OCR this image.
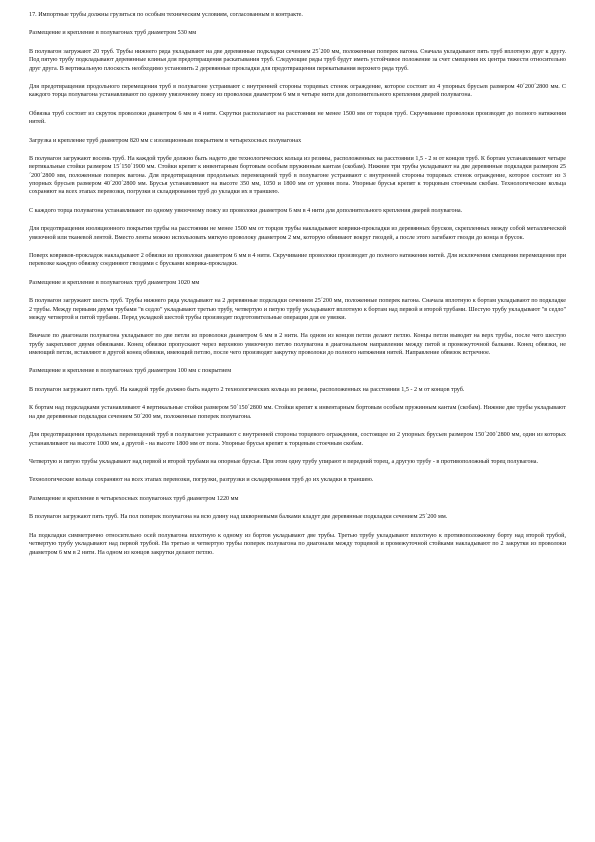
17. Импортные трубы должны грузиться по особым техническим условиям, согласованным в контракте.

Размещение и крепление в полувагонах труб диаметром 530 мм

В полувагон загружают 20 труб. Трубы нижнего ряда укладывают на две деревянные подкладки сечением 25´200 мм, положенные поперек вагона. Сначала укладывают пять труб вплотную друг к другу. Под пятую трубу подкладывают деревянные клинья для предотвращения раскатывания труб. Следующие ряды труб будут иметь устойчивое положение за счет смещения их центра тяжести относительно друг друга. В вертикальную плоскость необходимо установить 2 деревянные прокладки для предотвращения перекатывания верхнего ряда труб.

Для предотвращения продольного перемещения труб в полувагоне устраивают с внутренней стороны торцевых стенок ограждение, которое состоит из 4 упорных брусьев размером 40´200´2800 мм. С каждого торца полувагона устанавливают по одному увязочному поясу из проволоки диаметром 6 мм в четыре нити для дополнительного крепления дверей полувагона.

Обвязка труб состоит из скруток проволоки диаметром 6 мм в 4 нити. Скрутки располагают на расстоянии не менее 1500 мм от торцов труб. Скручивание проволоки производят до полного натяжения нитей.

Загрузка и крепление труб диаметром 820 мм с изоляционным покрытием в четырехосных полувагонах

В полувагон загружают восемь труб. На каждой трубе должно быть надето две технологических кольца из резины, расположенных на расстоянии 1,5 - 2 м от концов труб. К бортам устанавливают четыре вертикальные стойки размером 15´150´1900 мм. Стойки крепят к инвентарным бортовым особым пружинным кантам (скобам). Нижние три трубы укладывают на две деревянные подкладки размером 25´200´2800 мм, положенные поперек вагона. Для предотвращения продольных перемещений труб в полувагоне устраивают с внутренней стороны торцовых стенок ограждение, которое состоит из 3 упорных брусьев размером 40´200´2800 мм. Брусья устанавливают на высоте 350 мм, 1050 и 1800 мм от уровня пола. Упорные брусья крепят к торцовым стоечным скобам. Технологические кольца сохраняют на всех этапах перевозки, погрузки и складирования труб до укладки их в траншею.

С каждого торца полувагона устанавливают по одному увязочному поясу из проволоки диаметром 6 мм в 4 нити для дополнительного крепления дверей полувагона.

Для предотвращения изоляционного покрытия трубы на расстоянии не менее 1500 мм от торцов трубы накладывают коврики-прокладки из деревянных брусков, скрепленных между собой металлической увязочной или тканевой лентой. Вместо ленты можно использовать мягкую проволоку диаметром 2 мм, которую обвивают вокруг гвоздей, а после этого загибают гвозди до конца в брусок.

Поверх ковриков-прокладок накладывают 2 обвязки из проволоки диаметром 6 мм в 4 нити. Скручивание проволоки производят до полного натяжения нитей. Для исключения смещения перемещения при перевозке каждую обвязку соединяют гвоздями с брусками коврика-прокладки.

Размещение и крепление в полувагонах труб диаметром 1020 мм

В полувагон загружают шесть труб. Трубы нижнего ряда укладывают на 2 деревянные подкладки сечением 25´200 мм, положенные поперек вагона. Сначала вплотную к бортам укладывают по подкладке 2 трубы. Между первыми двумя трубами "в седло" укладывают третью трубу, четвертую и пятую трубу укладывают вплотную к бортам над первой и второй трубами. Шестую трубу укладывают "в седло" между четвертой и пятой трубами. Перед укладкой шестой трубы производят подготовительные операции для ее увязки.

Вначале по диагонали полувагона укладывают по две петли из проволоки диаметром 6 мм в 2 нити. На одном из концов петли делают петлю. Концы петли выводят на верх трубы, после чего шестую трубу закрепляют двумя обвязками. Конец обвязки пропускают через верхнюю увязочную петлю полувагона в диагональном направлении между пятой и промежуточной балками. Конец обвязки, не имеющий петли, вставляют в другой конец обвязки, имеющий петлю, после чего производят закрутку проволоки до полного натяжения нитей. Направление обвязок встречное.

Размещение и крепление в полувагонах труб диаметром 100 мм с покрытием

В полувагон загружают пять труб. На каждой трубе должно быть надето 2 технологических кольца из резины, расположенных на расстоянии 1,5 - 2 м от концов труб.

К бортам над подкладками устанавливают 4 вертикальные стойки размером 50´150´2800 мм. Стойки крепят к инвентарным бортовым особым пружинным кантам (скобам). Нижние две трубы укладывают на две деревянные подкладки сечением 50´200 мм, положенные поперек полувагона.

Для предотвращения продольных перемещений труб в полувагоне устраивают с внутренней стороны торцевого ограждения, состоящее из 2 упорных брусьев размером 150´200´2800 мм, один из которых устанавливают на высоте 1000 мм, а другой - на высоте 1800 мм от пола. Упорные брусья крепят к торцевым стоечным скобам.

Четвертую и пятую трубы укладывают над первой и второй трубами на опорные брусья. При этом одну трубу упирают в передний торец, а другую трубу - в противоположный торец полувагона.

Технологические кольца сохраняют на всех этапах перевозки, погрузки, разгрузки и складирования труб до их укладки в траншею.

Размещение и крепление в четырехосных полувагонах труб диаметром 1220 мм

В полувагон загружают пять труб. На пол поперек полувагона на всю длину над шкворневыми балками кладут две деревянные подкладки сечением 25´200 мм.

На подкладки симметрично относительно осей полувагона вплотную к одному из бортов укладывают две трубы. Третью трубу укладывают вплотную к противоположному борту над второй трубой, четвертую трубу укладывают над первой трубой. На третью и четвертую трубы поперек полувагона по диагонали между торцевой и промежуточной стойками накладывают по 2 закрутки из проволоки диаметром 6 мм в 2 нити. На одном из концов закрутки делают петлю.
